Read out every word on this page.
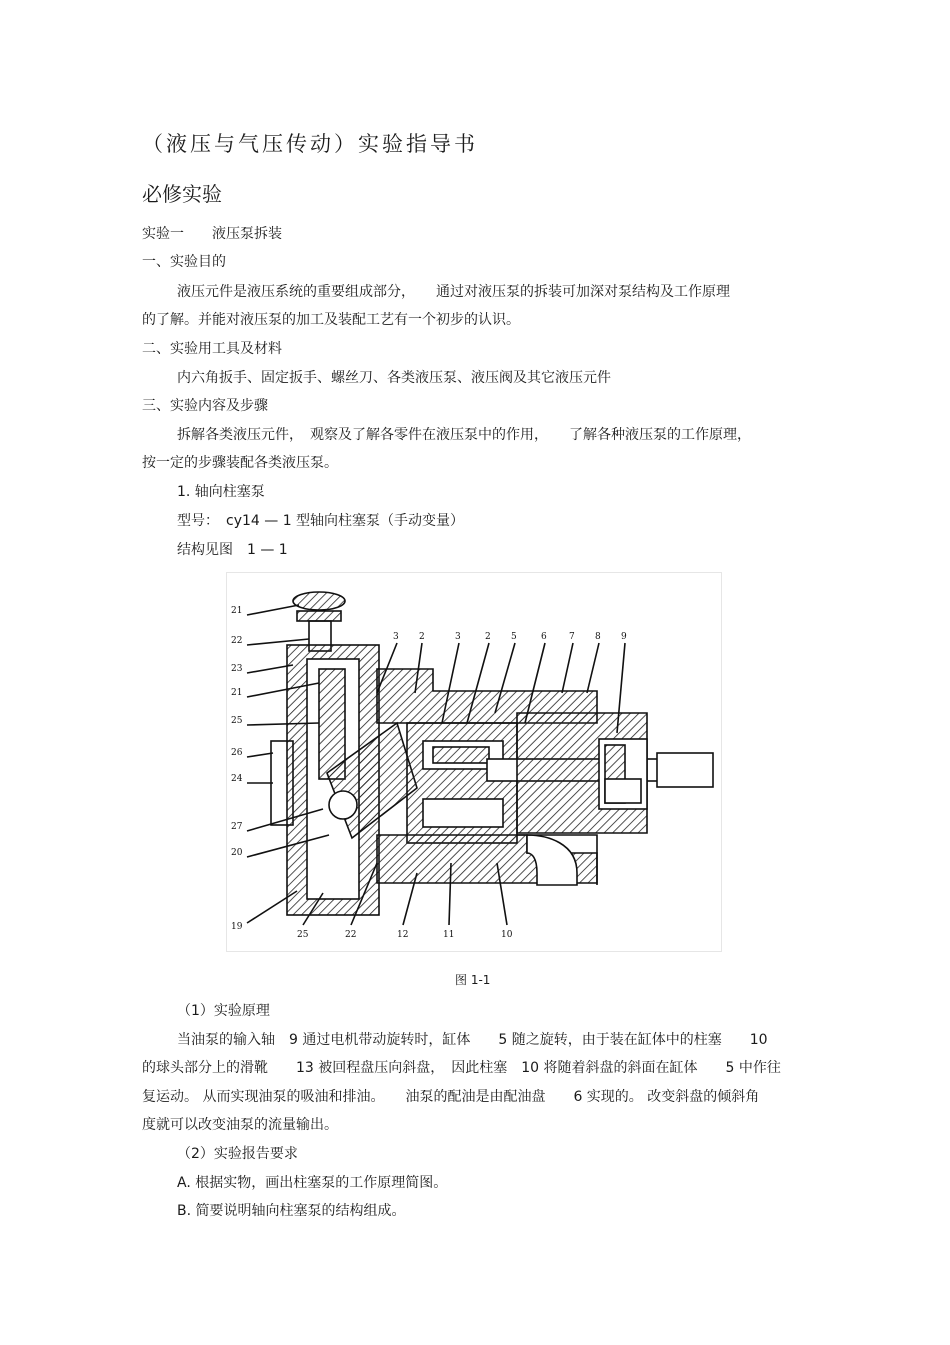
（液压与气压传动）实验指导书
必修实验
实验一　　液压泵拆装
一、实验目的
液压元件是液压系统的重要组成部分，　　通过对液压泵的拆装可加深对泵结构及工作原理
的了解。并能对液压泵的加工及装配工艺有一个初步的认识。
二、实验用工具及材料
内六角扳手、固定扳手、螺丝刀、各类液压泵、液压阀及其它液压元件
三、实验内容及步骤
拆解各类液压元件，　观察及了解各零件在液压泵中的作用，　　了解各种液压泵的工作原理，
按一定的步骤装配各类液压泵。
1. 轴向柱塞泵
型号：　cy14 — 1 型轴向柱塞泵（手动变量）
结构见图　1 — 1
3 2	3	2 5	6 7 8 9
21
22
23
21
25
26
24
27
20
19
25	22	12	11	10
图 1-1
（1）实验原理
当油泵的输入轴　9 通过电机带动旋转时，缸体　　5 随之旋转，由于装在缸体中的柱塞　　10
的球头部分上的滑靴　　13 被回程盘压向斜盘，　因此柱塞　10 将随着斜盘的斜面在缸体　　5 中作往
复运动。 从而实现油泵的吸油和排油。　　油泵的配油是由配油盘　　6 实现的。 改变斜盘的倾斜角
度就可以改变油泵的流量输出。
（2）实验报告要求
A. 根据实物，画出柱塞泵的工作原理简图。
B. 简要说明轴向柱塞泵的结构组成。
